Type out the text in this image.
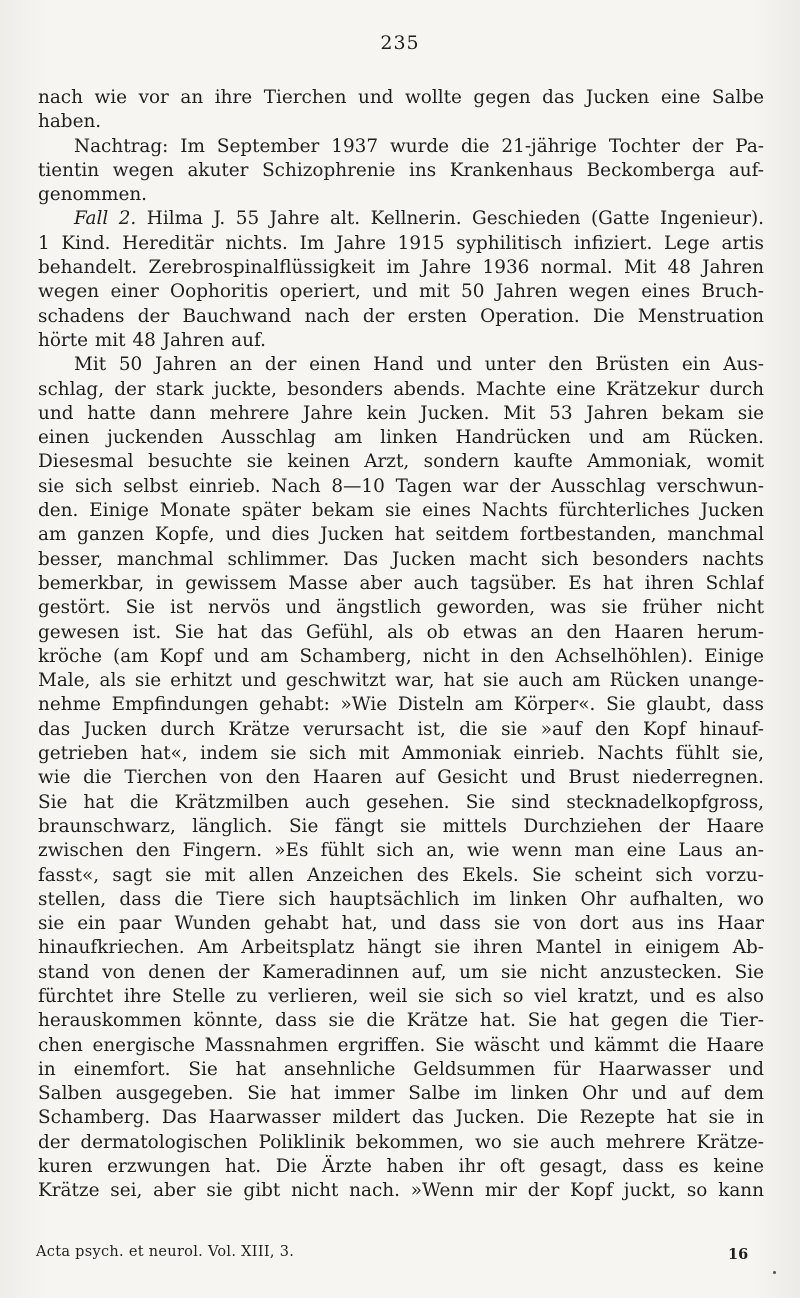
235
nach wie vor an ihre Tierchen und wollte gegen das Jucken eine Salbe
haben.
Nachtrag: Im September 1937 wurde die 21-jährige Tochter der Pa-
tientin wegen akuter Schizophrenie ins Krankenhaus Beckomberga auf-
genommen.
Fall 2. Hilma J. 55 Jahre alt. Kellnerin. Geschieden (Gatte Ingenieur).
1 Kind. Hereditär nichts. Im Jahre 1915 syphilitisch infiziert. Lege artis
behandelt. Zerebrospinalflüssigkeit im Jahre 1936 normal. Mit 48 Jahren
wegen einer Oophoritis operiert, und mit 50 Jahren wegen eines Bruch-
schadens der Bauchwand nach der ersten Operation. Die Menstruation
hörte mit 48 Jahren auf.
Mit 50 Jahren an der einen Hand und unter den Brüsten ein Aus-
schlag, der stark juckte, besonders abends. Machte eine Krätzekur durch
und hatte dann mehrere Jahre kein Jucken. Mit 53 Jahren bekam sie
einen juckenden Ausschlag am linken Handrücken und am Rücken.
Diesesmal besuchte sie keinen Arzt, sondern kaufte Ammoniak, womit
sie sich selbst einrieb. Nach 8—10 Tagen war der Ausschlag verschwun-
den. Einige Monate später bekam sie eines Nachts fürchterliches Jucken
am ganzen Kopfe, und dies Jucken hat seitdem fortbestanden, manchmal
besser, manchmal schlimmer. Das Jucken macht sich besonders nachts
bemerkbar, in gewissem Masse aber auch tagsüber. Es hat ihren Schlaf
gestört. Sie ist nervös und ängstlich geworden, was sie früher nicht
gewesen ist. Sie hat das Gefühl, als ob etwas an den Haaren herum-
kröche (am Kopf und am Schamberg, nicht in den Achselhöhlen). Einige
Male, als sie erhitzt und geschwitzt war, hat sie auch am Rücken unange-
nehme Empfindungen gehabt: »Wie Disteln am Körper«. Sie glaubt, dass
das Jucken durch Krätze verursacht ist, die sie »auf den Kopf hinauf-
getrieben hat«, indem sie sich mit Ammoniak einrieb. Nachts fühlt sie,
wie die Tierchen von den Haaren auf Gesicht und Brust niederregnen.
Sie hat die Krätzmilben auch gesehen. Sie sind stecknadelkopfgross,
braunschwarz, länglich. Sie fängt sie mittels Durchziehen der Haare
zwischen den Fingern. »Es fühlt sich an, wie wenn man eine Laus an-
fasst«, sagt sie mit allen Anzeichen des Ekels. Sie scheint sich vorzu-
stellen, dass die Tiere sich hauptsächlich im linken Ohr aufhalten, wo
sie ein paar Wunden gehabt hat, und dass sie von dort aus ins Haar
hinaufkriechen. Am Arbeitsplatz hängt sie ihren Mantel in einigem Ab-
stand von denen der Kameradinnen auf, um sie nicht anzustecken. Sie
fürchtet ihre Stelle zu verlieren, weil sie sich so viel kratzt, und es also
herauskommen könnte, dass sie die Krätze hat. Sie hat gegen die Tier-
chen energische Massnahmen ergriffen. Sie wäscht und kämmt die Haare
in einemfort. Sie hat ansehnliche Geldsummen für Haarwasser und
Salben ausgegeben. Sie hat immer Salbe im linken Ohr und auf dem
Schamberg. Das Haarwasser mildert das Jucken. Die Rezepte hat sie in
der dermatologischen Poliklinik bekommen, wo sie auch mehrere Krätze-
kuren erzwungen hat. Die Ärzte haben ihr oft gesagt, dass es keine
Krätze sei, aber sie gibt nicht nach. »Wenn mir der Kopf juckt, so kann
Acta psych. et neurol. Vol. XIII, 3.	16
